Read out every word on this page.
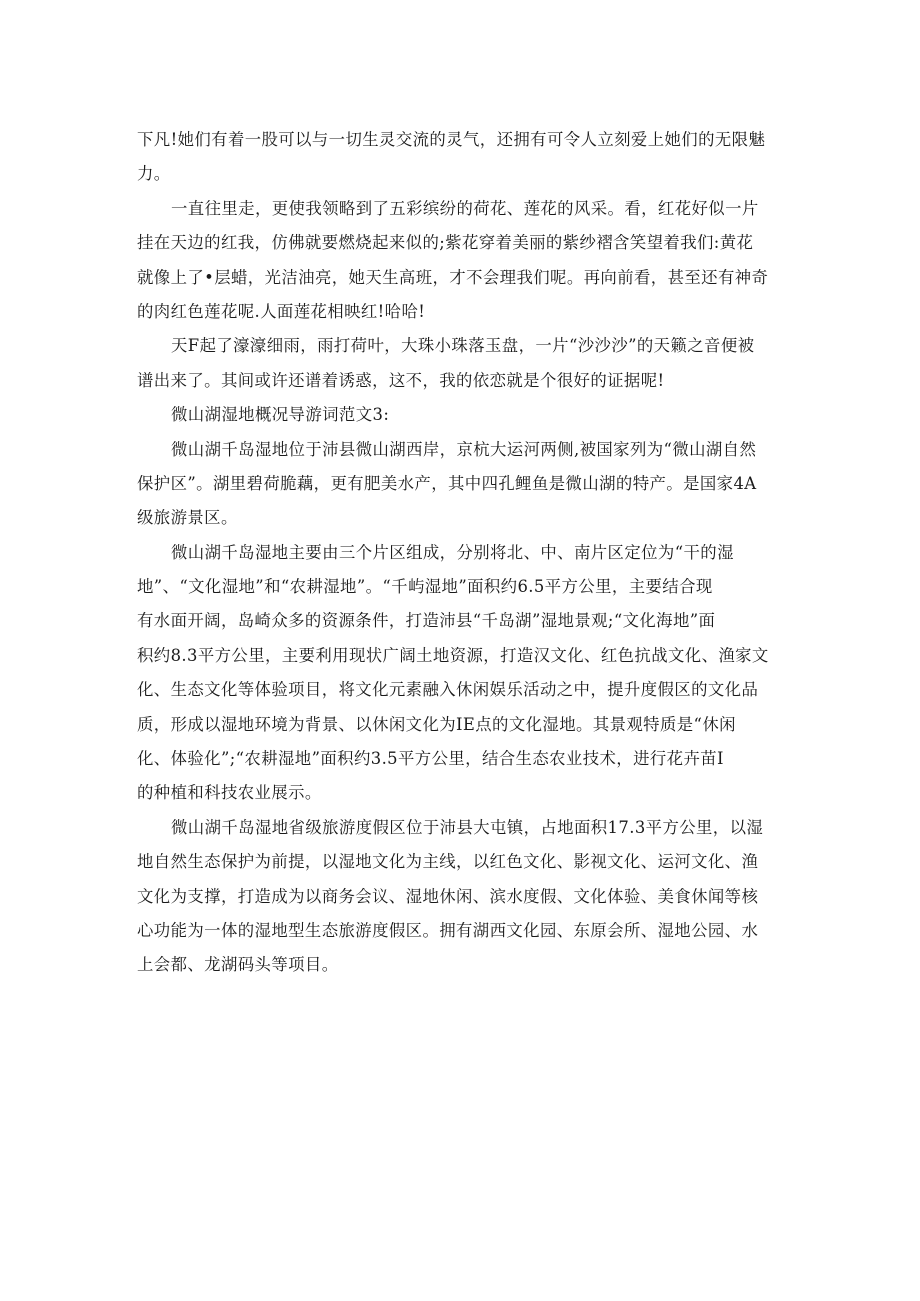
下凡!她们有着一股可以与一切生灵交流的灵气，还拥有可令人立刻爱上她们的无限魅
力。
一直往里走，更使我领略到了五彩缤纷的荷花、莲花的风采。看，红花好似一片
挂在天边的红我，仿佛就要燃烧起来似的;紫花穿着美丽的紫纱褶含笑望着我们:黄花
就像上了•层蜡，光洁油亮，她天生高班，才不会理我们呢。再向前看，甚至还有神奇
的肉红色莲花呢.人面莲花相映红!哈哈!
天F起了濠濠细雨，雨打荷叶，大珠小珠落玉盘，一片“沙沙沙”的天籁之音便被
谱出来了。其间或许还谱着诱惑，这不，我的依恋就是个很好的证据呢!
微山湖湿地概况导游词范文3:
微山湖千岛湿地位于沛县微山湖西岸，京杭大运河两侧,被国家列为“微山湖自然
保护区”。湖里碧荷脆藕，更有肥美水产，其中四孔鲤鱼是微山湖的特产。是国家4A
级旅游景区。
微山湖千岛湿地主要由三个片区组成，分别将北、中、南片区定位为“干的湿
地”、“文化湿地”和“农耕湿地”。“千屿湿地”面积约6.5平方公里，主要结合现
有水面开阔，岛崎众多的资源条件，打造沛县“千岛湖”湿地景观;“文化海地”面
积约8.3平方公里，主要利用现状广阔土地资源，打造汉文化、红色抗战文化、渔家文
化、生态文化等体验项目，将文化元素融入休闲娱乐活动之中，提升度假区的文化品
质，形成以湿地环境为背景、以休闲文化为IE点的文化湿地。其景观特质是“休闲
化、体验化”;“农耕湿地”面积约3.5平方公里，结合生态农业技术，进行花卉苗I
的种植和科技农业展示。
微山湖千岛湿地省级旅游度假区位于沛县大屯镇，占地面积17.3平方公里，以湿
地自然生态保护为前提，以湿地文化为主线，以红色文化、影视文化、运河文化、渔
文化为支撑，打造成为以商务会议、湿地休闲、滨水度假、文化体验、美食休闻等核
心功能为一体的湿地型生态旅游度假区。拥有湖西文化园、东原会所、湿地公园、水
上会都、龙湖码头等项目。
